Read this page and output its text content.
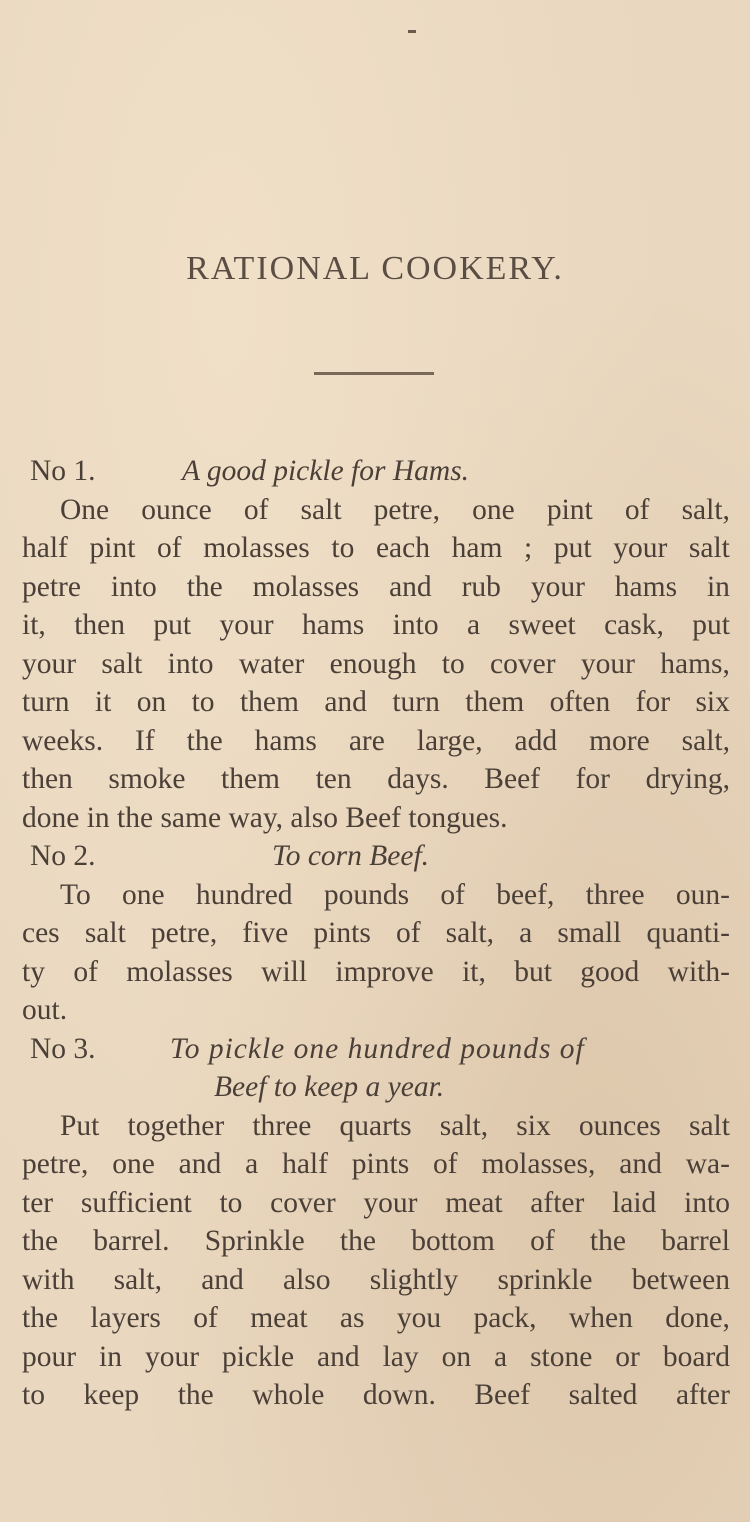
RATIONAL COOKERY.
No 1.	A good pickle for Hams.
One ounce of salt petre, one pint of salt,
half pint of molasses to each ham ; put your salt
petre into the molasses and rub your hams in
it, then put your hams into a sweet cask, put
your salt into water enough to cover your hams,
turn it on to them and turn them often for six
weeks. If the hams are large, add more salt,
then smoke them ten days. Beef for drying,
done in the same way, also Beef tongues.
No 2.	To corn Beef.
To one hundred pounds of beef, three oun-
ces salt petre, five pints of salt, a small quanti-
ty of molasses will improve it, but good with-
out.
No 3.	To pickle one hundred pounds of
Beef to keep a year.
Put together three quarts salt, six ounces salt
petre, one and a half pints of molasses, and wa-
ter sufficient to cover your meat after laid into
the barrel. Sprinkle the bottom of the barrel
with salt, and also slightly sprinkle between
the layers of meat as you pack, when done,
pour in your pickle and lay on a stone or board
to keep the whole down. Beef salted after
